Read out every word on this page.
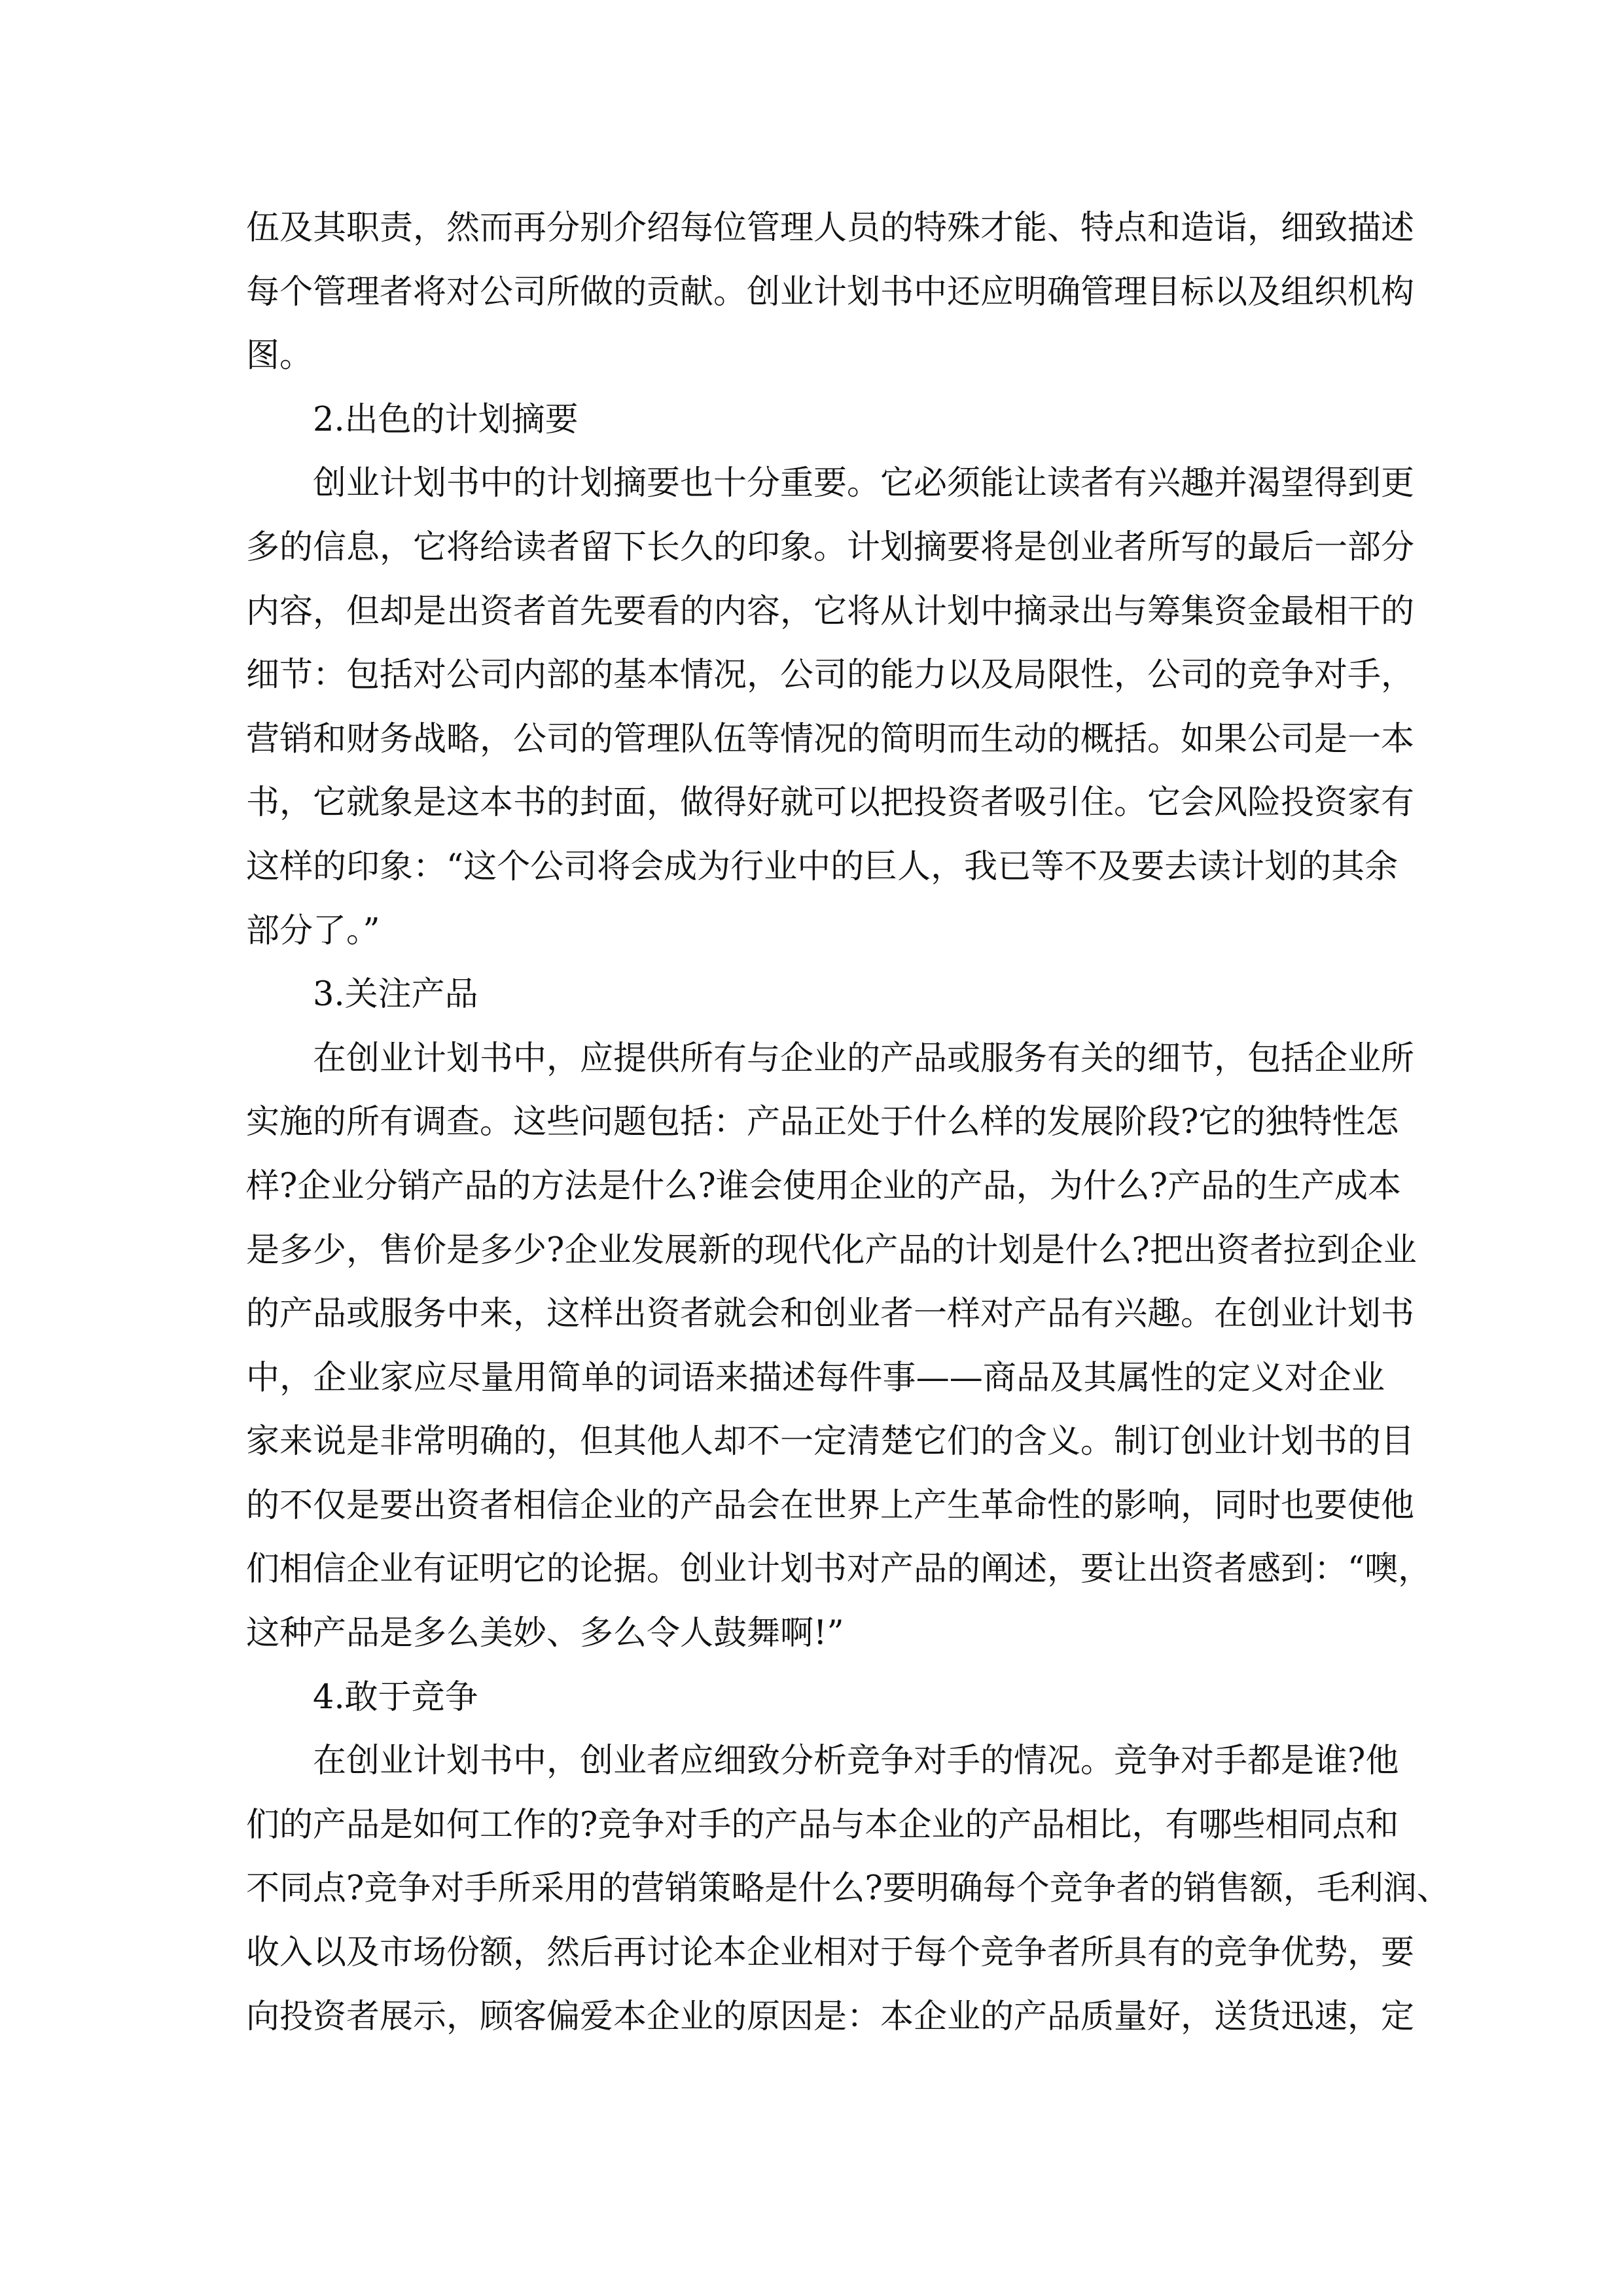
伍及其职责，然而再分别介绍每位管理人员的特殊才能、特点和造诣，细致描述
每个管理者将对公司所做的贡献。创业计划书中还应明确管理目标以及组织机构
图。
2.出色的计划摘要
创业计划书中的计划摘要也十分重要。它必须能让读者有兴趣并渴望得到更
多的信息，它将给读者留下长久的印象。计划摘要将是创业者所写的最后一部分
内容，但却是出资者首先要看的内容，它将从计划中摘录出与筹集资金最相干的
细节：包括对公司内部的基本情况，公司的能力以及局限性，公司的竞争对手，
营销和财务战略，公司的管理队伍等情况的简明而生动的概括。如果公司是一本
书，它就象是这本书的封面，做得好就可以把投资者吸引住。它会风险投资家有
这样的印象：“这个公司将会成为行业中的巨人，我已等不及要去读计划的其余
部分了。”
3.关注产品
在创业计划书中，应提供所有与企业的产品或服务有关的细节，包括企业所
实施的所有调查。这些问题包括：产品正处于什么样的发展阶段?它的独特性怎
样?企业分销产品的方法是什么?谁会使用企业的产品，为什么?产品的生产成本
是多少，售价是多少?企业发展新的现代化产品的计划是什么?把出资者拉到企业
的产品或服务中来，这样出资者就会和创业者一样对产品有兴趣。在创业计划书
中，企业家应尽量用简单的词语来描述每件事——商品及其属性的定义对企业
家来说是非常明确的，但其他人却不一定清楚它们的含义。制订创业计划书的目
的不仅是要出资者相信企业的产品会在世界上产生革命性的影响，同时也要使他
们相信企业有证明它的论据。创业计划书对产品的阐述，要让出资者感到：“噢，
这种产品是多么美妙、多么令人鼓舞啊!”
4.敢于竞争
在创业计划书中，创业者应细致分析竞争对手的情况。竞争对手都是谁?他
们的产品是如何工作的?竞争对手的产品与本企业的产品相比，有哪些相同点和
不同点?竞争对手所采用的营销策略是什么?要明确每个竞争者的销售额，毛利润、
收入以及市场份额，然后再讨论本企业相对于每个竞争者所具有的竞争优势，要
向投资者展示，顾客偏爱本企业的原因是：本企业的产品质量好，送货迅速，定
